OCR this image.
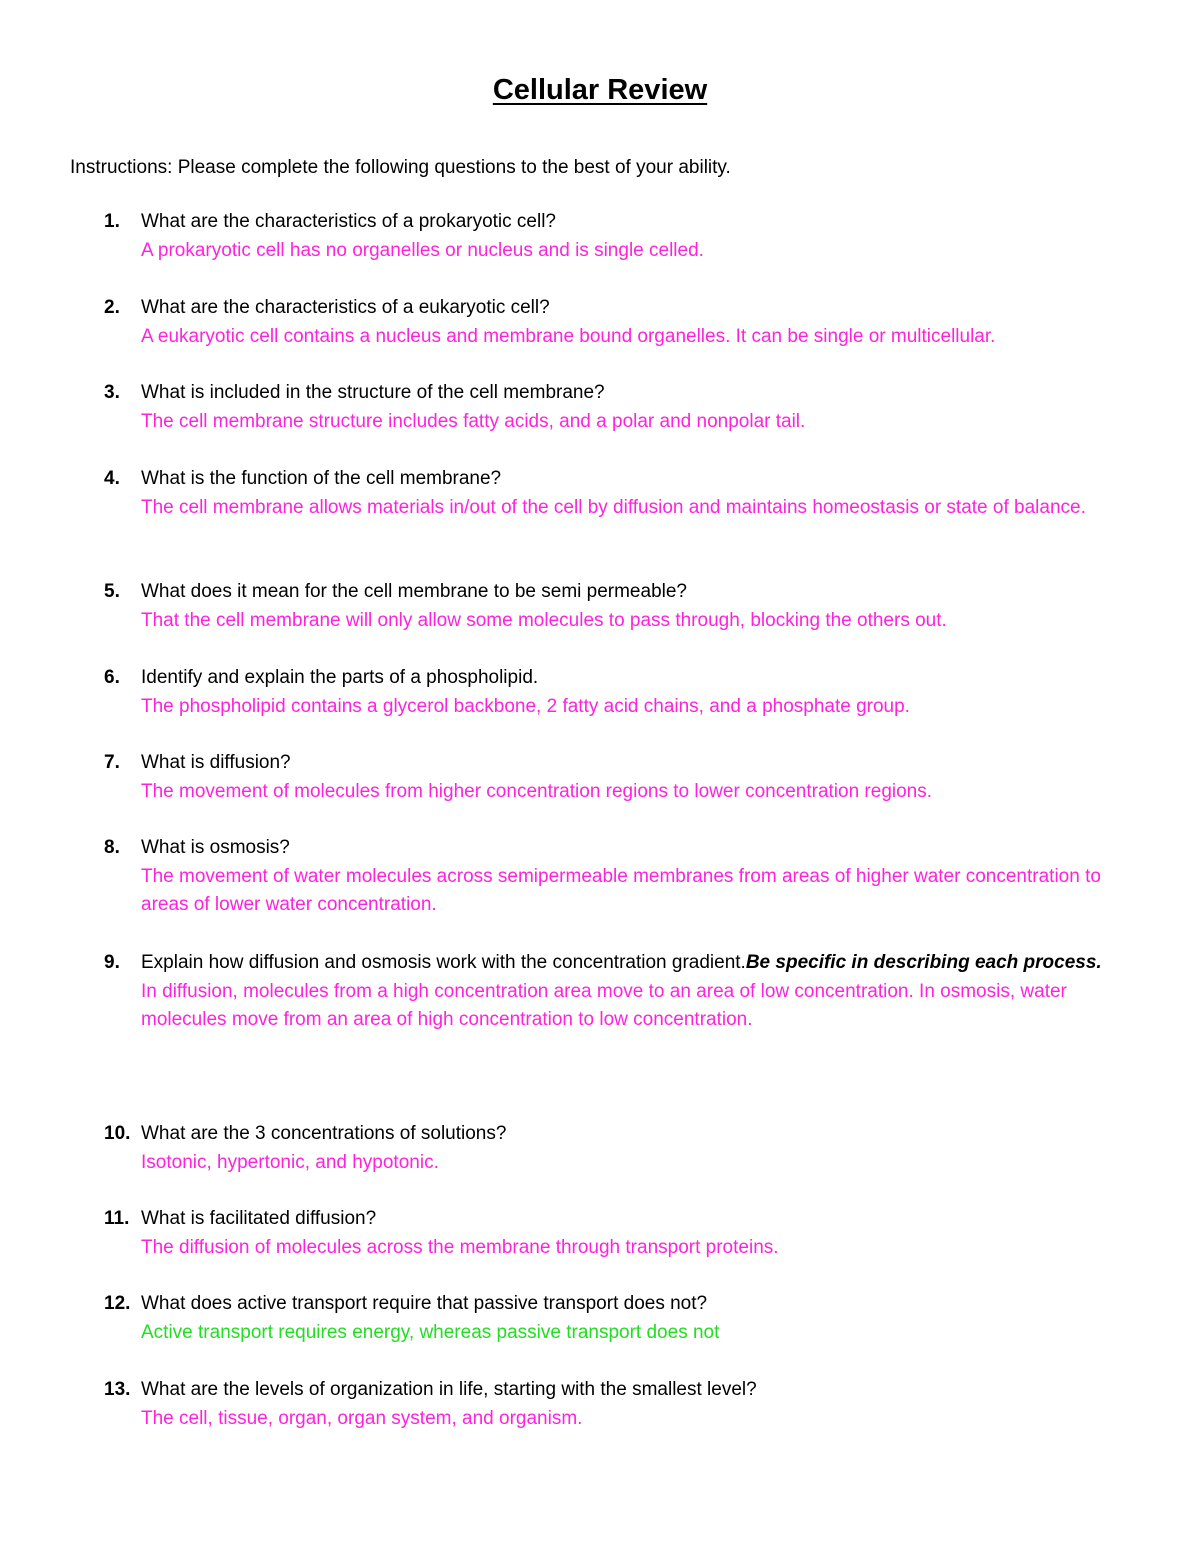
Cellular Review
Instructions: Please complete the following questions to the best of your ability.
1. What are the characteristics of a prokaryotic cell?
A prokaryotic cell has no organelles or nucleus and is single celled.
2. What are the characteristics of a eukaryotic cell?
A eukaryotic cell contains a nucleus and membrane bound organelles. It can be single or multicellular.
3. What is included in the structure of the cell membrane?
The cell membrane structure includes fatty acids, and a polar and nonpolar tail.
4. What is the function of the cell membrane?
The cell membrane allows materials in/out of the cell by diffusion and maintains homeostasis or state of balance.
5. What does it mean for the cell membrane to be semi permeable?
That the cell membrane will only allow some molecules to pass through, blocking the others out.
6. Identify and explain the parts of a phospholipid.
The phospholipid contains a glycerol backbone, 2 fatty acid chains, and a phosphate group.
7. What is diffusion?
The movement of molecules from higher concentration regions to lower concentration regions.
8. What is osmosis?
The movement of water molecules across semipermeable membranes from areas of higher water concentration to areas of lower water concentration.
9. Explain how diffusion and osmosis work with the concentration gradient.Be specific in describing each process.
In diffusion, molecules from a high concentration area move to an area of low concentration. In osmosis, water molecules move from an area of high concentration to low concentration.
10. What are the 3 concentrations of solutions?
Isotonic, hypertonic, and hypotonic.
11. What is facilitated diffusion?
The diffusion of molecules across the membrane through transport proteins.
12. What does active transport require that passive transport does not?
Active transport requires energy, whereas passive transport does not
13. What are the levels of organization in life, starting with the smallest level?
The cell, tissue, organ, organ system, and organism.
